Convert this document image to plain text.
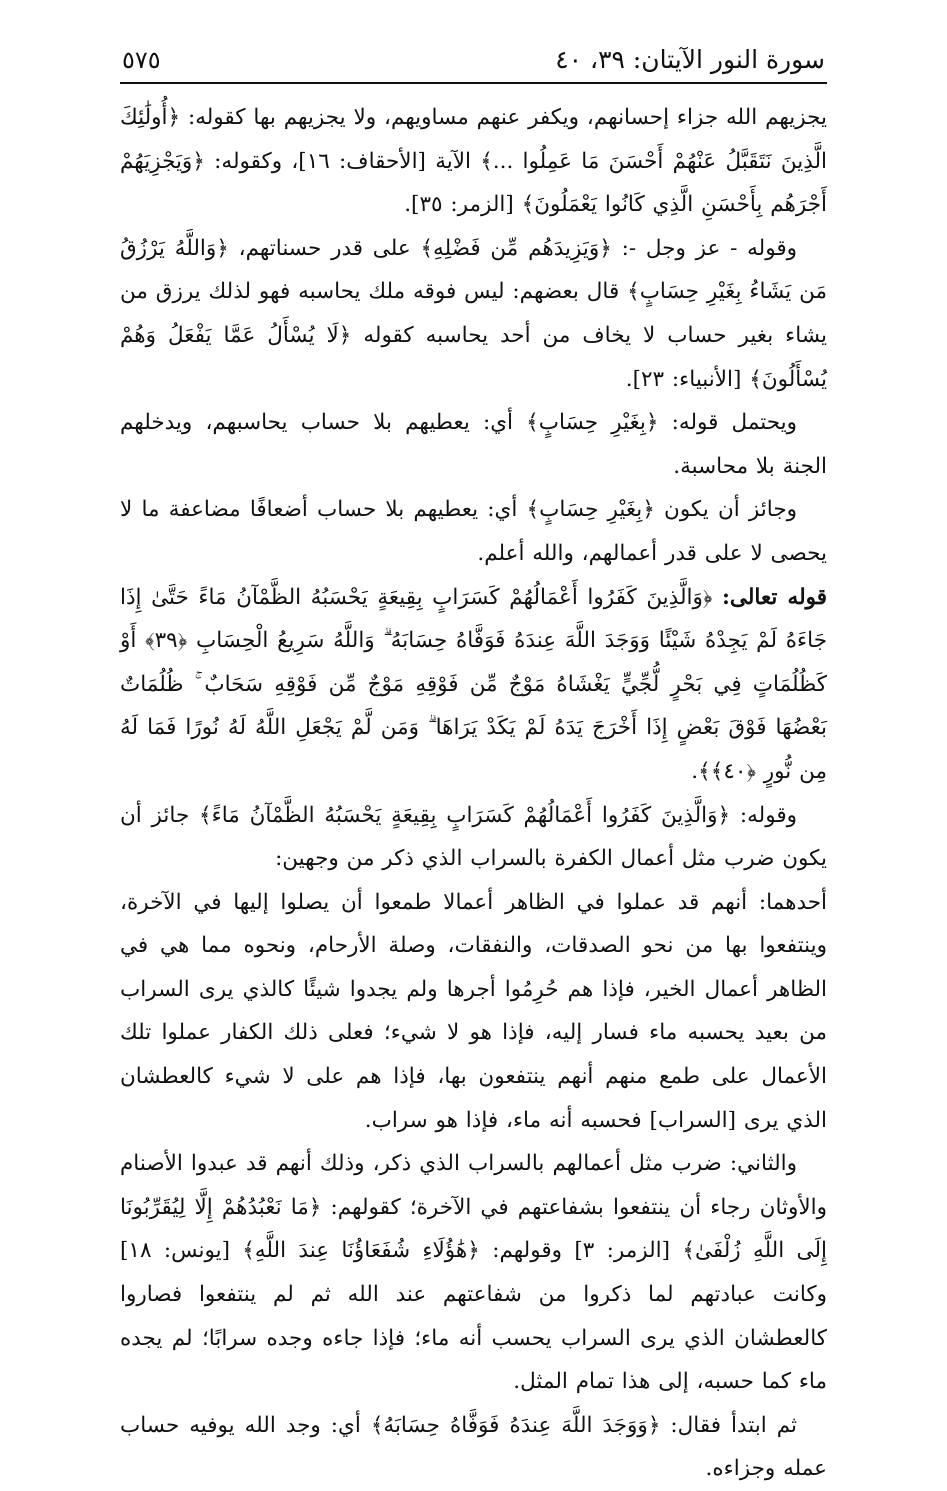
سورة النور الآيتان: ٣٩، ٤٠
٥٧٥

يجزيهم الله جزاء إحسانهم، ويكفر عنهم مساويهم، ولا يجزيهم بها كقوله: ﴿أُولَٰئِكَ الَّذِينَ نَتَقَبَّلُ عَنْهُمْ أَحْسَنَ مَا عَمِلُوا ...﴾ الآية [الأحقاف: ١٦]، وكقوله: ﴿وَيَجْزِيَهُمْ أَجْرَهُم بِأَحْسَنِ الَّذِي كَانُوا يَعْمَلُونَ﴾ [الزمر: ٣٥].

وقوله - عز وجل -: ﴿وَيَزِيدَهُم مِّن فَضْلِهِ﴾ على قدر حسناتهم، ﴿وَاللَّهُ يَرْزُقُ مَن يَشَاءُ بِغَيْرِ حِسَابٍ﴾ قال بعضهم: ليس فوقه ملك يحاسبه فهو لذلك يرزق من يشاء بغير حساب لا يخاف من أحد يحاسبه كقوله ﴿لَا يُسْأَلُ عَمَّا يَفْعَلُ وَهُمْ يُسْأَلُونَ﴾ [الأنبياء: ٢٣].

ويحتمل قوله: ﴿بِغَيْرِ حِسَابٍ﴾ أي: يعطيهم بلا حساب يحاسبهم، ويدخلهم الجنة بلا محاسبة.

وجائز أن يكون ﴿بِغَيْرِ حِسَابٍ﴾ أي: يعطيهم بلا حساب أضعافًا مضاعفة ما لا يحصى لا على قدر أعمالهم، والله أعلم.

قوله تعالى: ﴿وَالَّذِينَ كَفَرُوا أَعْمَالُهُمْ كَسَرَابٍ بِقِيعَةٍ يَحْسَبُهُ الظَّمْآنُ مَاءً حَتَّىٰ إِذَا جَاءَهُ لَمْ يَجِدْهُ شَيْئًا وَوَجَدَ اللَّهَ عِندَهُ فَوَفَّاهُ حِسَابَهُ ۗ وَاللَّهُ سَرِيعُ الْحِسَابِ ﴿٣٩﴾ أَوْ كَظُلُمَاتٍ فِي بَحْرٍ لُّجِّيٍّ يَغْشَاهُ مَوْجٌ مِّن فَوْقِهِ مَوْجٌ مِّن فَوْقِهِ سَحَابٌ ۚ ظُلُمَاتٌ بَعْضُهَا فَوْقَ بَعْضٍ إِذَا أَخْرَجَ يَدَهُ لَمْ يَكَدْ يَرَاهَا ۗ وَمَن لَّمْ يَجْعَلِ اللَّهُ لَهُ نُورًا فَمَا لَهُ مِن نُّورٍ ﴿٤٠﴾﴾.

وقوله: ﴿وَالَّذِينَ كَفَرُوا أَعْمَالُهُمْ كَسَرَابٍ بِقِيعَةٍ يَحْسَبُهُ الظَّمْآنُ مَاءً﴾ جائز أن يكون ضرب مثل أعمال الكفرة بالسراب الذي ذكر من وجهين:

أحدهما: أنهم قد عملوا في الظاهر أعمالا طمعوا أن يصلوا إليها في الآخرة، وينتفعوا بها من نحو الصدقات، والنفقات، وصلة الأرحام، ونحوه مما هي في الظاهر أعمال الخير، فإذا هم حُرِمُوا أجرها ولم يجدوا شيئًا كالذي يرى السراب من بعيد يحسبه ماء فسار إليه، فإذا هو لا شيء؛ فعلى ذلك الكفار عملوا تلك الأعمال على طمع منهم أنهم ينتفعون بها، فإذا هم على لا شيء كالعطشان الذي يرى [السراب] فحسبه أنه ماء، فإذا هو سراب.

والثاني: ضرب مثل أعمالهم بالسراب الذي ذكر، وذلك أنهم قد عبدوا الأصنام والأوثان رجاء أن ينتفعوا بشفاعتهم في الآخرة؛ كقولهم: ﴿مَا نَعْبُدُهُمْ إِلَّا لِيُقَرِّبُونَا إِلَى اللَّهِ زُلْفَىٰ﴾ [الزمر: ٣] وقولهم: ﴿هَٰؤُلَاءِ شُفَعَاؤُنَا عِندَ اللَّهِ﴾ [يونس: ١٨] وكانت عبادتهم لما ذكروا من شفاعتهم عند الله ثم لم ينتفعوا فصاروا كالعطشان الذي يرى السراب يحسب أنه ماء؛ فإذا جاءه وجده سرابًا؛ لم يجده ماء كما حسبه، إلى هذا تمام المثل.

ثم ابتدأ فقال: ﴿وَوَجَدَ اللَّهَ عِندَهُ فَوَفَّاهُ حِسَابَهُ﴾ أي: وجد الله يوفيه حساب عمله وجزاءه.
